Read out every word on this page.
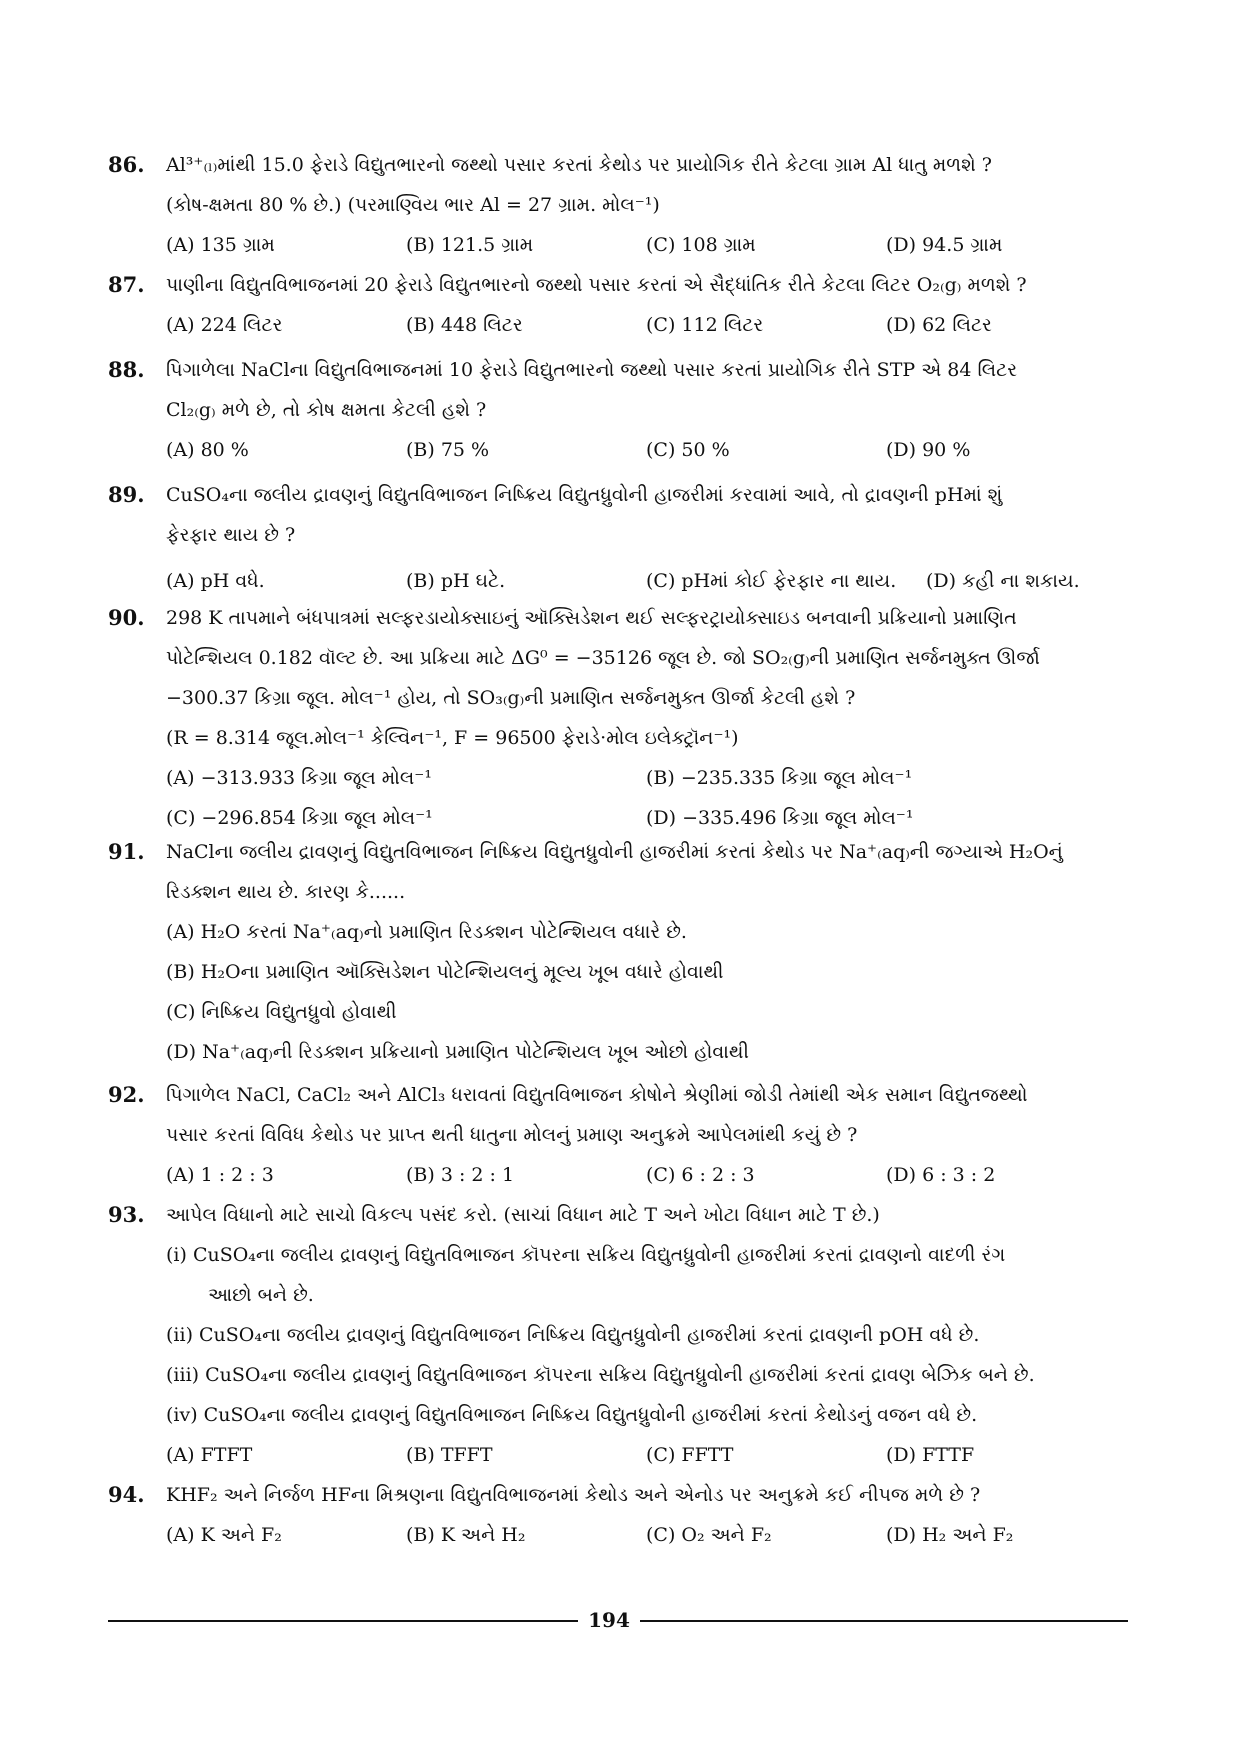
86. Al³⁺₍ₗ₎માંથી 15.0 ફેરાડે વિદ્યુતભારનો જથ્થો પસાર કરતાં કેથોડ પર પ્રાયોગિક રીતે કેટલા ગ્રામ Al ધાતુ મળશે ?

(કોષ-ક્ષમતા 80 % છે.) (પરમાણ્વિય ભાર Al = 27 ગ્રામ. મોલ⁻¹)

(A) 135 ગ્રામ	(B) 121.5 ગ્રામ	(C) 108 ગ્રામ	(D) 94.5 ગ્રામ
87. પાણીના વિદ્યુતવિભાજનમાં 20 ફેરાડે વિદ્યુતભારનો જથ્થો પસાર કરતાં એ સૈદ્ધાંતિક રીતે કેટલા લિટર O₂₍g₎ મળશે ?

(A) 224 લિટર	(B) 448 લિટર	(C) 112 લિટર	(D) 62 લિટર
88. પિગાળેલા NaClના વિદ્યુતવિભાજનમાં 10 ફેરાડે વિદ્યુતભારનો જથ્થો પસાર કરતાં પ્રાયોગિક રીતે STP એ 84 લિટર

Cl₂₍g₎ મળે છે, તો કોષ ક્ષમતા કેટલી હશે ?

(A) 80 %	(B) 75 %	(C) 50 %	(D) 90 %
89. CuSO₄ના જલીય દ્રાવણનું વિદ્યુતવિભાજન નિષ્ક્રિય વિદ્યુતધ્રુવોની હાજરીમાં કરવામાં આવે, તો દ્રાવણની pHમાં શું

ફેરફાર થાય છે ?

(A) pH વધે.	(B) pH ઘટે.	(C) pHમાં કોઈ ફેરફાર ના થાય.	(D) કહી ના શકાય.
90. 298 K તાપમાને બંધપાત્રમાં સલ્ફરડાયોક્સાઇનું ઑક્સિડેશન થઈ સલ્ફરટ્રાયોક્સાઇડ બનવાની પ્રક્રિયાનો પ્રમાણિત

પોટેન્શિયલ 0.182 વૉલ્ટ છે. આ પ્રક્રિયા માટે ΔG⁰ = −35126 જૂલ છે. જો SO₂₍g₎ની પ્રમાણિત સર્જનમુક્ત ઊર્જા

−300.37 કિગ્રા જૂલ. મોલ⁻¹ હોય, તો SO₃₍g₎ની પ્રમાણિત સર્જનમુક્ત ઊર્જા કેટલી હશે ?

(R = 8.314 જૂલ.મોલ⁻¹ કેલ્વિન⁻¹, F = 96500 ફેરાડે·મોલ ઇલેક્ટ્રૉન⁻¹)

(A) −313.933 કિગ્રા જૂલ મોલ⁻¹	(B) −235.335 કિગ્રા જૂલ મોલ⁻¹
(C) −296.854 કિગ્રા જૂલ મોલ⁻¹	(D) −335.496 કિગ્રા જૂલ મોલ⁻¹
91. NaClના જલીય દ્રાવણનું વિદ્યુતવિભાજન નિષ્ક્રિય વિદ્યુતધ્રુવોની હાજરીમાં કરતાં કેથોડ પર Na⁺₍aq₎ની જગ્યાએ H₂Oનું

રિડક્શન થાય છે. કારણ કે......

(A) H₂O કરતાં Na⁺₍aq₎નો પ્રમાણિત રિડક્શન પોટેન્શિયલ વધારે છે.
(B) H₂Oના પ્રમાણિત ઑક્સિડેશન પોટેન્શિયલનું મૂલ્ય ખૂબ વધારે હોવાથી
(C) નિષ્ક્રિય વિદ્યુતધ્રુવો હોવાથી
(D) Na⁺₍aq₎ની રિડક્શન પ્રક્રિયાનો પ્રમાણિત પોટેન્શિયલ ખૂબ ઓછો હોવાથી
92. પિગાળેલ NaCl, CaCl₂ અને AlCl₃ ધરાવતાં વિદ્યુતવિભાજન કોષોને શ્રેણીમાં જોડી તેમાંથી એક સમાન વિદ્યુતજથ્થો

પસાર કરતાં વિવિધ કેથોડ પર પ્રાપ્ત થતી ધાતુના મોલનું પ્રમાણ અનુક્રમે આપેલમાંથી કયું છે ?

(A) 1 : 2 : 3	(B) 3 : 2 : 1	(C) 6 : 2 : 3	(D) 6 : 3 : 2
93. આપેલ વિધાનો માટે સાચો વિકલ્પ પસંદ કરો. (સાચાં વિધાન માટે T અને ખોટા વિધાન માટે T છે.)

(i) CuSO₄ના જલીય દ્રાવણનું વિદ્યુતવિભાજન કૉપરના સક્રિય વિદ્યુતધ્રુવોની હાજરીમાં કરતાં દ્રાવણનો વાદળી રંગ
આછો બને છે.
(ii) CuSO₄ના જલીય દ્રાવણનું વિદ્યુતવિભાજન નિષ્ક્રિય વિદ્યુતધ્રુવોની હાજરીમાં કરતાં દ્રાવણની pOH વધે છે.
(iii) CuSO₄ના જલીય દ્રાવણનું વિદ્યુતવિભાજન કૉપરના સક્રિય વિદ્યુતધ્રુવોની હાજરીમાં કરતાં દ્રાવણ બેઝિક બને છે.
(iv) CuSO₄ના જલીય દ્રાવણનું વિદ્યુતવિભાજન નિષ્ક્રિય વિદ્યુતધ્રુવોની હાજરીમાં કરતાં કેથોડનું વજન વધે છે.
(A) FTFT	(B) TFFT	(C) FFTT	(D) FTTF
94. KHF₂ અને નિર્જળ HFના મિશ્રણના વિદ્યુતવિભાજનમાં કેથોડ અને એનોડ પર અનુક્રમે કઈ નીપજ મળે છે ?

(A) K અને F₂	(B) K અને H₂	(C) O₂ અને F₂	(D) H₂ અને F₂
194
